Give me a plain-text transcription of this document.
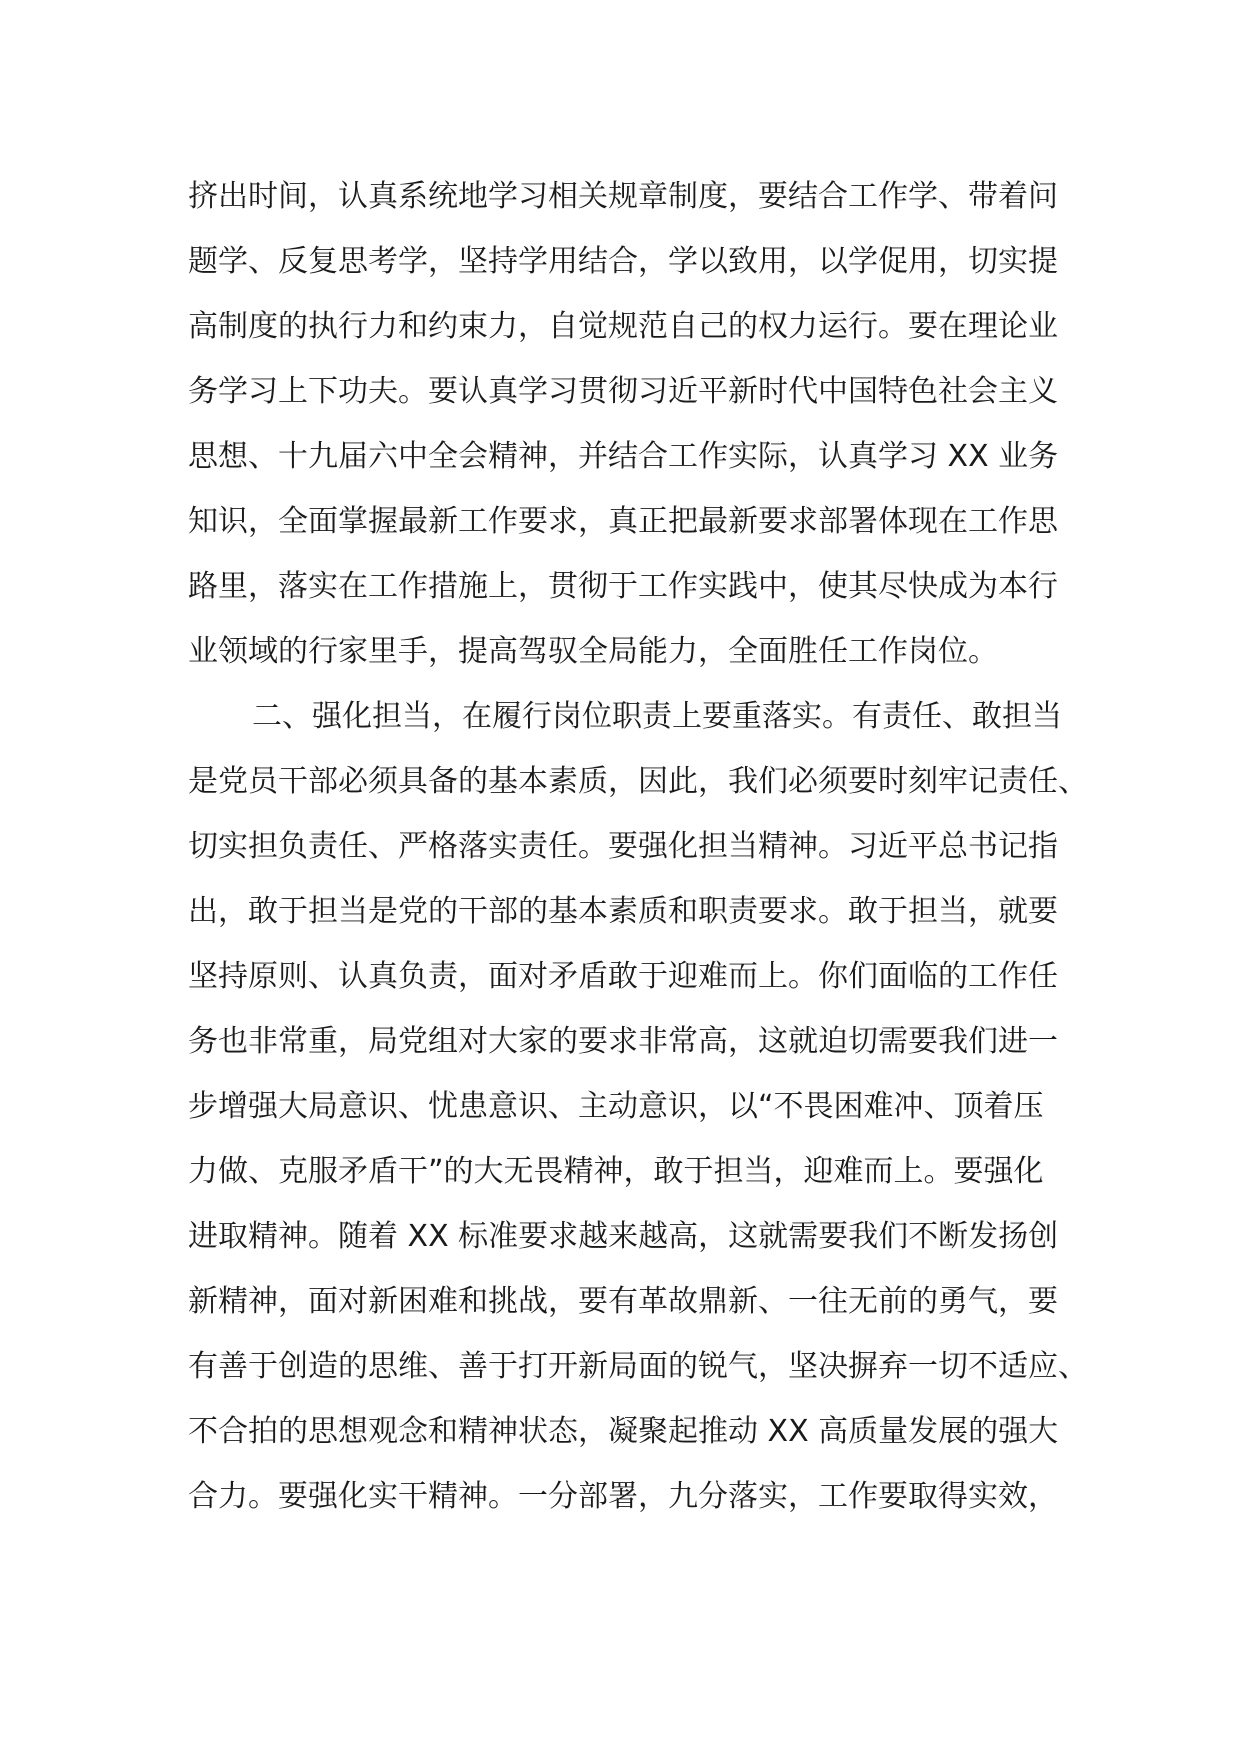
挤出时间，认真系统地学习相关规章制度，要结合工作学、带着问
题学、反复思考学，坚持学用结合，学以致用，以学促用，切实提
高制度的执行力和约束力，自觉规范自己的权力运行。要在理论业
务学习上下功夫。要认真学习贯彻习近平新时代中国特色社会主义
思想、十九届六中全会精神，并结合工作实际，认真学习 XX 业务
知识，全面掌握最新工作要求，真正把最新要求部署体现在工作思
路里，落实在工作措施上，贯彻于工作实践中，使其尽快成为本行
业领域的行家里手，提高驾驭全局能力，全面胜任工作岗位。
二、强化担当，在履行岗位职责上要重落实。有责任、敢担当
是党员干部必须具备的基本素质，因此，我们必须要时刻牢记责任、
切实担负责任、严格落实责任。要强化担当精神。习近平总书记指
出，敢于担当是党的干部的基本素质和职责要求。敢于担当，就要
坚持原则、认真负责，面对矛盾敢于迎难而上。你们面临的工作任
务也非常重，局党组对大家的要求非常高，这就迫切需要我们进一
步增强大局意识、忧患意识、主动意识，以“不畏困难冲、顶着压
力做、克服矛盾干”的大无畏精神，敢于担当，迎难而上。要强化
进取精神。随着 XX 标准要求越来越高，这就需要我们不断发扬创
新精神，面对新困难和挑战，要有革故鼎新、一往无前的勇气，要
有善于创造的思维、善于打开新局面的锐气，坚决摒弃一切不适应、
不合拍的思想观念和精神状态，凝聚起推动 XX 高质量发展的强大
合力。要强化实干精神。一分部署，九分落实，工作要取得实效，
